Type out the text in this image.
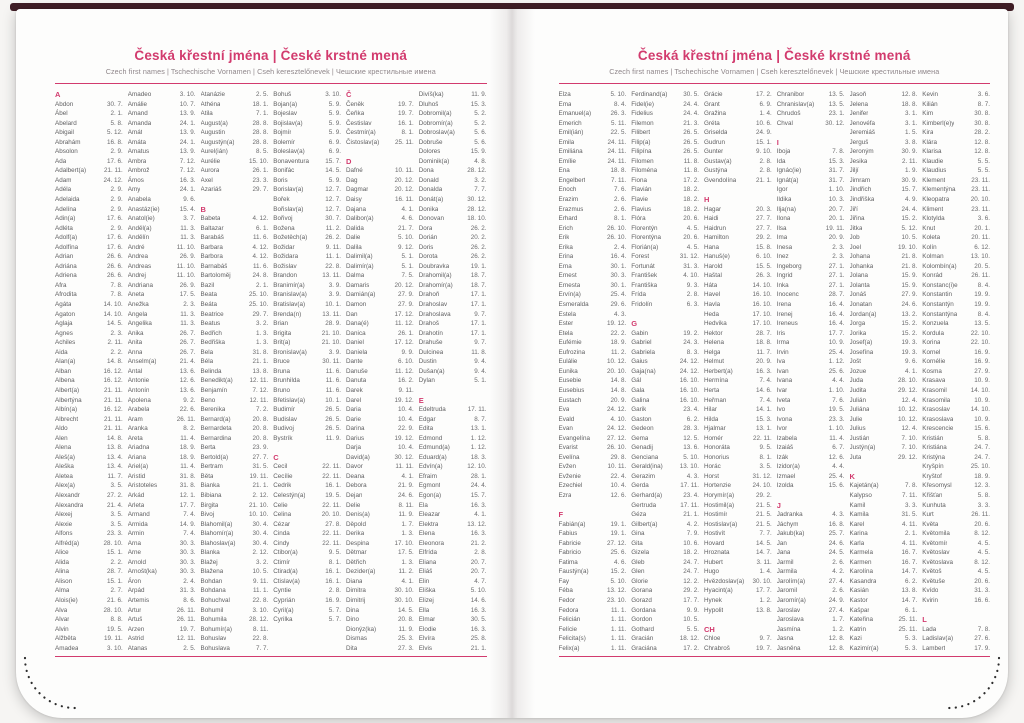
Česká křestní jména | České krstné mená
Czech first names | Tschechische Vornamen | Cseh keresztelőnevek | Чешские крестильные имена
A
Abdon	30. 7.
Ábel	2. 1.
Abelard	5. 8.
Abigail	5. 12.
Abrahám	16. 8.
Absolon	2. 9.
Ada	17. 6.
Adalbert(a)	21. 11.
Adam	24. 12.
Adéla	2. 9.
Adelaida	2. 9.
Adelína	2. 9.
Adin(a)	17. 6.
Adléta	2. 9.
Adolf(a)	17. 6.
Adolfína	17. 6.
Adrian	26. 6.
Adriána	26. 6.
Adriena	26. 6.
Afra	7. 8.
Afrodita	7. 8.
Agáta	14. 10.
Agaton	14. 10.
Aglaja	14. 5.
Agnes	2. 3.
Achiles	2. 11.
Aida	2. 2.
Alan(a)	14. 8.
Alban	16. 12.
Albena	16. 12.
Albert(a)	21. 11.
Albertýna	21. 11.
Albín(a)	16. 12.
Albrecht	21. 11.
Aldo	21. 11.
Alen	14. 8.
Alena	13. 8.
Aleš(a)	13. 4.
Aleška	13. 4.
Aletea	11. 7.
Alex(a)	3. 5.
Alexandr	27. 2.
Alexandra	21. 4.
Alexej	3. 5.
Alexie	3. 5.
Alfons	23. 3.
Alfréd(a)	28. 10.
Alice	15. 1.
Alida	2. 2.
Alina	28. 7.
Alison	15. 1.
Alma	2. 7.
Alois(ie)	21. 6.
Alva	28. 10.
Alvar	8. 8.
Alvin	19. 5.
Alžběta	19. 11.
Amadea	3. 10.
Amadeo	3. 10.
Amálie	10. 7.
Amand	13. 9.
Amanda	24. 1.
Amát	13. 9.
Amáta	24. 1.
Amatus	13. 9.
Ambra	7. 12.
Ambrož	7. 12.
Ámos	16. 3.
Amy	24. 1.
Anabela	9. 6.
Anastáz(ie)	15. 4.
Anatol(ie)	3. 7.
Anděl(a)	11. 3.
Andělín	11. 3.
André	11. 10.
Andrea	26. 9.
Andreas	11. 10.
Andrej	11. 10.
Andriana	26. 9.
Aneta	17. 5.
Anežka	2. 3.
Angela	11. 3.
Angelika	11. 3.
Anika	26. 7.
Anita	26. 7.
Anna	26. 7.
Anselm(a)	21. 4.
Antal	13. 6.
Antonie	12. 6.
Antonín	13. 6.
Apolena	9. 2.
Arabela	22. 6.
Aram	26. 11.
Aranka	8. 2.
Areta	11. 4.
Ariadna	18. 9.
Ariana	18. 9.
Ariel(a)	11. 4.
Aristid	31. 8.
Aristoteles	31. 8.
Arkád	12. 1.
Arleta	17. 7.
Armand	7. 4.
Armida	14. 9.
Armin	7. 4.
Arna	30. 3.
Arne	30. 3.
Arnold	30. 3.
Arnošt(ka)	30. 3.
Áron	2. 4.
Arpád	31. 3.
Artemis	8. 6.
Artur	26. 11.
Artuš	26. 11.
Arzen	19. 7.
Astrid	12. 11.
Atanas	2. 5.
Atanázie	2. 5.
Athéna	18. 1.
Atila	7. 1.
August(a)	28. 8.
Augustin	28. 8.
Augustýn(a)	28. 8.
Aurel(ián)	8. 5.
Aurélie	15. 10.
Aurora	26. 1.
Axel	23. 3.
Azariáš	29. 7.
B
Babeta	4. 12.
Baltazar	6. 1.
Barabáš	11. 6.
Barbara	4. 12.
Barbora	4. 12.
Barnabáš	11. 6.
Bartoloměj	24. 8.
Bazil	2. 1.
Beata	25. 10.
Beáta	25. 10.
Beatrice	29. 7.
Beatus	3. 2.
Bedřich	1. 3.
Bedřiška	1. 3.
Bela	31. 8.
Béla	21. 1.
Belinda	13. 8.
Benedikt(a)	12. 11.
Benjamín	7. 12.
Beno	12. 11.
Berenika	7. 2.
Bernard(a)	20. 8.
Bernardeta	20. 8.
Bernardina	20. 8.
Berta	23. 9.
Bertold(a)	27. 7.
Bertram	31. 5.
Běta	19. 11.
Bianka	21. 1.
Bibiana	2. 12.
Birgita	21. 10.
Bivoj	10. 10.
Blahomil(a)	30. 4.
Blahomír(a)	30. 4.
Blahoslav(a)	30. 4.
Blanka	2. 12.
Blažej	3. 2.
Blažena	10. 5.
Bohdan	9. 11.
Bohdana	11. 1.
Bohuchval	22. 8.
Bohumil	3. 10.
Bohumila	28. 12.
Bohumír(a)	8. 11.
Bohuslav	22. 8.
Bohuslava	7. 7.
Bohuš	3. 10.
Bojan(a)	5. 9.
Bojeslav	5. 9.
Bojislav(a)	5. 9.
Bojmír	5. 9.
Bolemír	6. 9.
Boleslav(a)	6. 9.
Bonaventura	15. 7.
Bonifác	14. 5.
Boris	5. 9.
Borislav(a)	12. 7.
Bořek	12. 7.
Bořislav(a)	12. 7.
Bořivoj	30. 7.
Božena	11. 2.
Božetěch(a)	26. 2.
Božidar	9. 11.
Božidara	11. 1.
Božislav	22. 8.
Brandon	13. 11.
Branimír(a)	3. 9.
Branislav(a)	3. 9.
Bratislav(a)	10. 1.
Brenda(n)	13. 11.
Brian	28. 9.
Brigita	21. 10.
Brit(a)	21. 10.
Bronislav(a)	3. 9.
Bruce	30. 11.
Bruna	11. 6.
Brunhilda	11. 6.
Bruno	11. 6.
Břetislav(a)	10. 1.
Budimír	26. 5.
Budislav	26. 5.
Budivoj	26. 5.
Bystrík	11. 9.
C
Cecil	22. 11.
Cecílie	22. 11.
Cedrik	16. 1.
Celestýn(a)	19. 5.
Celie	22. 11.
Celina	20. 10.
Cézar	27. 8.
Cinda	22. 11.
Cindy	22. 11.
Ctibor(a)	9. 5.
Ctimír	8. 1.
Ctirad(a)	16. 1.
Ctislav(a)	16. 1.
Cyntie	2. 8.
Cyprián	16. 9.
Cyril(a)	5. 7.
Cyrilka	5. 7.
Č
Čeněk	19. 7.
Čeňka	19. 7.
Čestislav	16. 1.
Čestmír(a)	8. 1.
Čistoslav(a) 25. 11.
D
Dafné	10. 11.
Dag	20. 12.
Dagmar	20. 12.
Daisy	16. 11.
Dajana	4. 1.
Dalibor(a)	4. 6.
Dalida	21. 7.
Dalie	5. 10.
Dalila	9. 12.
Dalimil(a)	5. 1.
Dalimír(a)	5. 1.
Dalma	7. 5.
Damaris	20. 12.
Damián(a)	27. 9.
Damon	27. 9.
Dan	17. 12.
Dana(é)	11. 12.
Danica	26. 1.
Daniel	17. 12.
Daniela	9. 9.
Dante	6. 10.
Danuše	11. 12.
Danuta	16. 2.
Darek	9. 11.
Darel	19. 12.
Daria	10. 4.
Darie	10. 4.
Darina	22. 9.
Darius	19. 12.
Darja	10. 4.
David(a)	30. 12.
Davor	11. 11.
Deana	4. 1.
Debora	21. 9.
Dejan	24. 6.
Delie	8. 11.
Denis(a)	11. 9.
Děpold	1. 7.
Derika	1. 3.
Despina	17. 10.
Dětmar	17. 5.
Dětřich	1. 3.
Dezider(a)	11. 2.
Diana	4. 1.
Dimitra	30. 10.
Dimitrij	30. 10.
Dina	14. 5.
Dino	20. 8.
Dionýz(ka)	11. 9.
Dismas	25. 3.
Dita	27. 3.
Divíš(ka)	11. 9.
Dluhoš	15. 3.
Dobromil(a)	5. 2.
Dobromír(a)	5. 2.
Dobroslav(a)	5. 6.
Dobruše	5. 6.
Dolores	15. 9.
Dominik(a)	4. 8.
Dona	28. 12.
Donald	3. 2.
Donalda	7. 7.
Donát(a)	30. 12.
Donika	28. 12.
Donovan	18. 10.
Dora	26. 2.
Dorián	20. 2.
Doris	26. 2.
Dorota	26. 2.
Doubravka	19. 1.
Drahomil(a)	18. 7.
Drahomír(a)	18. 7.
Drahoň	17. 1.
Drahoslav	17. 1.
Drahoslava	9. 7.
Drahoš	17. 1.
Drahotín	17. 1.
Drahuše	9. 7.
Dulcinea	11. 8.
Dustin	9. 4.
Dušan(a)	9. 4.
Dylan	5. 1.
E
Edeltruda	17. 11.
Edgar	8. 7.
Edita	13. 1.
Edmond	1. 12.
Edmund(a)	1. 12.
Eduard(a)	18. 3.
Edvín(a)	12. 10.
Efraim	28. 1.
Egmont	24. 4.
Egon(a)	15. 7.
Ela	16. 3.
Eleazar	4. 1.
Elektra	13. 12.
Elena	16. 3.
Eleonora	21. 2.
Elfrída	2. 8.
Eliana	20. 7.
Eliáš	20. 7.
Elin	4. 7.
Eliška	5. 10.
Elizej	14. 6.
Ella	16. 3.
Elmar	30. 5.
Elodie	16. 3.
Elvíra	25. 8.
Elvis	21. 1.
Česká křestní jména | České krstné mená
Czech first names | Tschechische Vornamen | Cseh keresztelőnevek | Чешские крестильные имена
Elza	5. 10.
Ema	8. 4.
Emanuel(a)	26. 3.
Emerich	5. 11.
Emil(ián)	22. 5.
Emila	24. 11.
Emiliána	24. 11.
Emílie	24. 11.
Ena	18. 8.
Engelbert	7. 11.
Enoch	7. 6.
Erazim	2. 6.
Erazmus	2. 6.
Erhard	8. 1.
Erich	26. 10.
Erik	26. 10.
Erika	2. 4.
Erina	16. 4.
Erna	30. 1.
Ernest	30. 3.
Ernesta	30. 1.
Ervín(a)	25. 4.
Esmeralda	29. 6.
Estela	4. 3.
Ester	19. 12.
Etela	22. 2.
Eufémie	18. 9.
Eufrozina	11. 2.
Eulálie	10. 12.
Eunika	20. 10.
Eusebie	14. 8.
Eusebius	14. 8.
Eustach	20. 9.
Eva	24. 12.
Evald	4. 10.
Evan	24. 12.
Evangelína	27. 12.
Evarist	26. 10.
Evelína	29. 8.
Evžen	10. 11.
Evženie	22. 4.
Ezechiel	10. 4.
Ezra	12. 6.
F
Fabián(a)	19. 1.
Fabius	19. 1.
Fabricie	27. 12.
Fabricio	25. 6.
Fatima	4. 6.
Faustýn(a)	15. 2.
Fay	5. 10.
Féba	13. 12.
Fedor	23. 10.
Fedora	11. 1.
Felicián	1. 11.
Felície	1. 11.
Felicita(s)	1. 11.
Felix(a)	1. 11.
Ferdinand(a)	30. 5.
Fidel(ie)	24. 4.
Fidelius	24. 4.
Filemon	21. 3.
Filibert	26. 5.
Filip(a)	26. 5.
Filipína	26. 5.
Filomen	11. 8.
Filoména	11. 8.
Fiona	17. 2.
Flavián	18. 2.
Flavie	18. 2.
Flavius	18. 2.
Flóra	20. 6.
Florentýn	4. 5.
Florentýna	20. 6.
Florián(a)	4. 5.
Forest	31. 12.
Fortunát	31. 3.
František	4. 10.
Františka	9. 3.
Frída	2. 8.
Fridolín	6. 3.
G
Gabin	19. 2.
Gabriel	24. 3.
Gabriela	8. 3.
Gaius	24. 12.
Gaja(na)	24. 12.
Gál	16. 10.
Gala	16. 10.
Galina	16. 10.
Garik	23. 4.
Gaston	6. 2.
Gedeon	28. 3.
Gema	12. 5.
Genadij	13. 6.
Genciana	5. 10.
Gerald(ina)	13. 10.
Gerazim	4. 3.
Gerda	17. 11.
Gerhard(a)	23. 4.
Gertruda	17. 11.
Géza	21. 1.
Gilbert(a)	4. 2.
Gina	7. 9.
Gita	10. 6.
Gizela	18. 2.
Gleb	24. 7.
Glen	24. 7.
Glorie	12. 2.
Gorana	29. 2.
Gorazd	17. 7.
Gordana	9. 9.
Gordon	10. 5.
Gothard	5. 5.
Gracián	18. 12.
Graciána	17. 2.
Grácie	17. 2.
Grant	6. 9.
Gražina	1. 4.
Gréta	10. 6.
Griselda	24. 9.
Gudrun	15. 1.
Gunter	9. 10.
Gustav(a)	2. 8.
Gustýna	2. 8.
Gvendolína	21. 1.
H
Hagar	20. 3.
Haidi	27. 7.
Haidrun	27. 7.
Hamilton	29. 2.
Hana	15. 8.
Hanuš(e)	6. 10.
Harold	15. 5.
Haštal	26. 3.
Háta	14. 10.
Havel	16. 10.
Havla	16. 10.
Heda	17. 10.
Hedvika	17. 10.
Hektor	28. 7.
Helena	18. 8.
Helga	11. 7.
Helmut	20. 9.
Herbert(a)	16. 3.
Hermína	7. 4.
Herta	14. 6.
Heřman	7. 4.
Hilar	14. 1.
Hilda	15. 3.
Hjalmar	13. 1.
Homér	22. 11.
Honoráta	9. 5.
Honorius	8. 1.
Horác	3. 5.
Horst	31. 12.
Hortenzie	24. 10.
Horymír(a)	29. 2.
Hostimil(a)	21. 5.
Hostimír	21. 5.
Hostislav(a)	21. 5.
Hostivít	7. 7.
Hovard	14. 5.
Hroznata	14. 7.
Hubert	3. 11.
Hugo	1. 4.
Hvězdoslav(a) 30. 10.
Hyacint(a)	17. 7.
Hynek	1. 2.
Hypolit	13. 8.
CH
Chloe	9. 7.
Chrabroš	19. 7.
Chranibor	13. 5.
Chranislav(a) 13. 5.
Chrudoš	23. 1.
Chval	30. 12.
I
Iboja	7. 8.
Ida	15. 3.
Ignác(ie)	31. 7.
Ignát(a)	31. 7.
Igor	1. 10.
Ildika	10. 3.
Ilja(na)	20. 7.
Ilona	20. 1.
Ilsa	19. 11.
Ima	20. 9.
Inesa	2. 3.
Inez	2. 3.
Ingeborg	27. 1.
Ingrid	27. 1.
Inka	27. 1.
Inocenc	28. 7.
Irena	16. 4.
Irenej	16. 4.
Ireneus	16. 4.
Iris	17. 7.
Irma	10. 9.
Irvin	25. 4.
Iva	1. 12.
Ivan	25. 6.
Ivana	4. 4.
Ivar	1. 10.
Iveta	7. 6.
Ivo	19. 5.
Ivona	23. 3.
Ivor	1. 10.
Izabela	11. 4.
Izaiáš	6. 7.
Izák	12. 6.
Izidor(a)	4. 4.
Izmael	25. 4.
Izolda	15. 6.
J
Jadranka	4. 3.
Jáchym	16. 8.
Jakub(ka)	25. 7.
Jan	24. 6.
Jana	24. 5.
Jarmil	2. 6.
Jarmila	4. 2.
Jarolím(a)	27. 4.
Jaromil	2. 6.
Jaromír(a)	24. 9.
Jaroslav	27. 4.
Jaroslava	1. 7.
Jasmína	1. 2.
Jasna	12. 8.
Jasněna	12. 8.
Jasoň	12. 8.
Jelena	18. 8.
Jenifer	3. 1.
Jenovéfa	3. 1.
Jeremiáš	1. 5.
Jerguš	3. 8.
Jeroným	30. 9.
Jesika	2. 11.
Jiljí	1. 9.
Jimram	30. 9.
Jindřich	15. 7.
Jindřiška	4. 9.
Jiří	24. 4.
Jiřina	15. 2.
Jitka	5. 12.
Job	10. 5.
Joel	19. 10.
Johana	21. 8.
Johanka	21. 8.
Jolana	15. 9.
Jolanta	15. 9.
Jonáš	27. 9.
Jonatan	24. 6.
Jordan(a)	13. 2.
Jorga	15. 2.
Jorika	15. 2.
Josef(a)	19. 3.
Josefína	19. 3.
Jošt	9. 6.
Jozue	4. 1.
Juda	28. 10.
Judita	29. 12.
Julián	12. 4.
Juliána	10. 12.
Julie	10. 12.
Julius	12. 4.
Justián	7. 10.
Justýn(a)	7. 10.
Juta	29. 12.
K
Kajetán(a)	7. 8.
Kalypso	7. 11.
Kamil	3. 3.
Kamila	31. 5.
Karel	4. 11.
Karina	2. 1.
Karla	4. 11.
Karmela	16. 7.
Karmen	16. 7.
Karolína	14. 7.
Kasandra	6. 2.
Kasián	13. 8.
Kastor	14. 7.
Kašpar	6. 1.
Kateřina	25. 11.
Katrin	25. 11.
Kazi	5. 3.
Kazimír(a)	5. 3.
Kevin	3. 6.
Kilián	8. 7.
Kim	30. 8.
Kimberl(e)y	30. 8.
Kira	28. 2.
Klára	12. 8.
Klarisa	12. 8.
Klaudie	5. 5.
Klaudius	5. 5.
Klement	23. 11.
Klementýna 23. 11.
Kleopatra	20. 10.
Kliment	23. 11.
Klotylda	3. 6.
Knut	20. 1.
Koleta	20. 11.
Kolín	6. 12.
Kolman	13. 10.
Kolombín(a)	20. 5.
Konrád	26. 11.
Konstanc(i)e	8. 4.
Konstantin	19. 9.
Konstantýn	19. 9.
Konstantýna	8. 4.
Konzuela	13. 5.
Kordula	22. 10.
Korina	22. 10.
Kornel	16. 9.
Kornélie	16. 9.
Kosma	27. 9.
Krasava	10. 9.
Krasomil	14. 10.
Krasomila	10. 9.
Krasoslav	14. 10.
Krasoslava	10. 9.
Krescencie	15. 6.
Kristián	5. 8.
Kristiána	24. 7.
Kristýna	24. 7.
Kryšpín	25. 10.
Kryštof	18. 9.
Křesomysl	12. 3.
Křišťan	5. 8.
Kunhuta	3. 3.
Kurt	26. 11.
Květa	20. 6.
Květomila	8. 12.
Květomír	4. 5.
Květoslav	4. 5.
Květoslava	8. 12.
Květoš	4. 5.
Květuše	20. 6.
Kvído	31. 3.
Kvirin	16. 6.
L
Lada	7. 8.
Ladislav(a)	27. 6.
Lambert	17. 9.
